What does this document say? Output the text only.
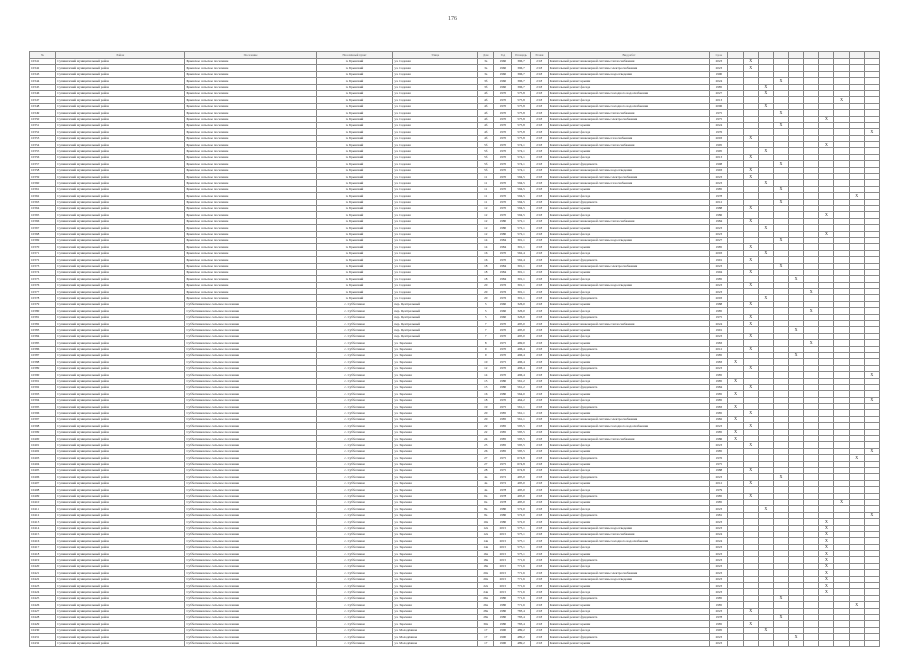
176
№	Район	Поселение	Населённый пункт	Улица	Дом	Год	Площадь	Этажи	Вид работ	Срок										
10341	Сухиничский муниципальный район	Брынское сельское поселение	п. Брынский	ул. Садовая	3а	1960	396,7	2/18	Капитальный ремонт инженерной системы теплоснабжения	2023		X								
10342	Сухиничский муниципальный район	Брынское сельское поселение	п. Брынский	ул. Садовая	3а	1960	396,7	2/18	Капитальный ремонт инженерной системы электроснабжения	2023		X								
10343	Сухиничский муниципальный район	Брынское сельское поселение	п. Брынский	ул. Садовая	3а	1960	396,7	2/18	Капитальный ремонт инженерной системы водоотведения	1990										
10344	Сухиничский муниципальный район	Брынское сельское поселение	п. Брынский	ул. Садовая	3б	1960	396,7	2/18	Капитальный ремонт крыши	2024				X						
10345	Сухиничский муниципальный район	Брынское сельское поселение	п. Брынский	ул. Садовая	3б	1960	396,7	2/18	Капитальный ремонт фасада	1985			X							
10346	Сухиничский муниципальный район	Брынское сельское поселение	п. Брынский	ул. Садовая	4б	1970	575,8	2/18	Капитальный ремонт инженерной системы холодного водоснабжения	2027			X							
10347	Сухиничский муниципальный район	Брынское сельское поселение	п. Брынский	ул. Садовая	4б	1970	575,8	2/18	Капитальный ремонт фасада	2013								X		
10348	Сухиничский муниципальный район	Брынское сельское поселение	п. Брынский	ул. Садовая	4б	1970	575,8	2/18	Капитальный ремонт инженерной системы холодного водоснабжения	2006			X							
10349	Сухиничский муниципальный район	Брынское сельское поселение	п. Брынский	ул. Садовая	4б	1970	575,8	2/18	Капитальный ремонт инженерной системы теплоснабжения	1975				X						
10350	Сухиничский муниципальный район	Брынское сельское поселение	п. Брынский	ул. Садовая	4б	1970	575,8	2/18	Капитальный ремонт инженерной системы электроснабжения	1975							X			
10351	Сухиничский муниципальный район	Брынское сельское поселение	п. Брынский	ул. Садовая	4б	1970	575,8	2/18	Капитальный ремонт крыши	2024				X						
10352	Сухиничский муниципальный район	Брынское сельское поселение	п. Брынский	ул. Садовая	4б	1970	575,8	2/18	Капитальный ремонт фасада	1976										X
10353	Сухиничский муниципальный район	Брынское сельское поселение	п. Брынский	ул. Садовая	4б	1970	575,8	2/18	Капитальный ремонт инженерной системы газоснабжения	2003		X								
10354	Сухиничский муниципальный район	Брынское сельское поселение	п. Брынский	ул. Садовая	5б	1970	574,1	2/18	Капитальный ремонт инженерной системы теплоснабжения	1995							X			
10355	Сухиничский муниципальный район	Брынское сельское поселение	п. Брынский	ул. Садовая	5б	1970	574,1	2/18	Капитальный ремонт крыши	1995			X							
10356	Сухиничский муниципальный район	Брынское сельское поселение	п. Брынский	ул. Садовая	5б	1970	574,1	2/18	Капитальный ремонт фасада	2013		X								
10357	Сухиничский муниципальный район	Брынское сельское поселение	п. Брынский	ул. Садовая	5б	1970	574,1	2/18	Капитальный ремонт фундамента	1998				X						
10358	Сухиничский муниципальный район	Брынское сельское поселение	п. Брынский	ул. Садовая	5б	1970	574,1	2/18	Капитальный ремонт инженерной системы водоотведения	1993		X								
10359	Сухиничский муниципальный район	Брынское сельское поселение	п. Брынский	ул. Садовая	11	1970	594,5	2/18	Капитальный ремонт инженерной системы электроснабжения	2023		X								
10360	Сухиничский муниципальный район	Брынское сельское поселение	п. Брынский	ул. Садовая	11	1970	594,5	2/18	Капитальный ремонт инженерной системы газоснабжения	2023			X							
10361	Сухиничский муниципальный район	Брынское сельское поселение	п. Брынский	ул. Садовая	11	1970	594,5	2/18	Капитальный ремонт крыши	1985				X						
10362	Сухиничский муниципальный район	Брынское сельское поселение	п. Брынский	ул. Садовая	11	1970	594,5	2/18	Капитальный ремонт фасада	1978									X	
10363	Сухиничский муниципальный район	Брынское сельское поселение	п. Брынский	ул. Садовая	11	1970	594,5	2/18	Капитальный ремонт фундамента	2012				X						
10364	Сухиничский муниципальный район	Брынское сельское поселение	п. Брынский	ул. Садовая	12	1970	594,5	2/18	Капитальный ремонт крыши	1988		X								
10365	Сухиничский муниципальный район	Брынское сельское поселение	п. Брынский	ул. Садовая	12	1970	594,5	2/18	Капитальный ремонт фасада	1986							X			
10366	Сухиничский муниципальный район	Брынское сельское поселение	п. Брынский	ул. Садовая	12	1980	572,1	2/18	Капитальный ремонт инженерной системы теплоснабжения	1984		X								
10367	Сухиничский муниципальный район	Брынское сельское поселение	п. Брынский	ул. Садовая	12	1980	572,1	2/18	Капитальный ремонт крыши	2023			X							
10368	Сухиничский муниципальный район	Брынское сельское поселение	п. Брынский	ул. Садовая	12	1980	572,1	2/18	Капитальный ремонт фасада	2023							X			
10369	Сухиничский муниципальный район	Брынское сельское поселение	п. Брынский	ул. Садовая	14	1984	301,1	2/18	Капитальный ремонт инженерной системы водоотведения	2027				X						
10370	Сухиничский муниципальный район	Брынское сельское поселение	п. Брынский	ул. Садовая	14	1984	301,1	2/18	Капитальный ремонт крыши	1985		X								
10371	Сухиничский муниципальный район	Брынское сельское поселение	п. Брынский	ул. Садовая	16	1970	562,4	2/18	Капитальный ремонт фасада	2003			X							
10372	Сухиничский муниципальный район	Брынское сельское поселение	п. Брынский	ул. Садовая	16	1970	562,4	2/18	Капитальный ремонт фундамента	1991		X								
10373	Сухиничский муниципальный район	Брынское сельское поселение	п. Брынский	ул. Садовая	18	1984	301,1	2/18	Капитальный ремонт инженерной системы электроснабжения	2023				X						
10374	Сухиничский муниципальный район	Брынское сельское поселение	п. Брынский	ул. Садовая	18	1984	301,1	2/18	Капитальный ремонт крыши	1994		X								
10375	Сухиничский муниципальный район	Брынское сельское поселение	п. Брынский	ул. Садовая	18	1984	301,1	2/18	Капитальный ремонт фасада	1985					X					
10376	Сухиничский муниципальный район	Брынское сельское поселение	п. Брынский	ул. Садовая	20	1976	301,1	2/18	Капитальный ремонт инженерной системы водоотведения	2023		X								
10377	Сухиничский муниципальный район	Брынское сельское поселение	п. Брынский	ул. Садовая	20	1976	301,1	2/18	Капитальный ремонт фасада	2023						X				
10378	Сухиничский муниципальный район	Брынское сельское поселение	п. Брынский	ул. Садовая	20	1976	301,1	2/18	Капитальный ремонт фундамента	2003			X							
10379	Сухиничский муниципальный район	Субботниковское сельское поселение	с. Субботники	пер. Центральный	5	1960	326,0	2/18	Капитальный ремонт крыши	1988		X								
10380	Сухиничский муниципальный район	Субботниковское сельское поселение	с. Субботники	пер. Центральный	5	1960	326,0	2/18	Капитальный ремонт фасада	1985						X				
10381	Сухиничский муниципальный район	Субботниковское сельское поселение	с. Субботники	пер. Центральный	5	1960	326,0	2/18	Капитальный ремонт фундамента	1975		X								
10382	Сухиничский муниципальный район	Субботниковское сельское поселение	с. Субботники	пер. Центральный	7	1970	495,0	2/18	Капитальный ремонт инженерной системы теплоснабжения	2024		X								
10383	Сухиничский муниципальный район	Субботниковское сельское поселение	с. Субботники	пер. Центральный	7	1970	495,0	2/18	Капитальный ремонт крыши	1991					X					
10384	Сухиничский муниципальный район	Субботниковское сельское поселение	с. Субботники	пер. Центральный	7	1970	495,0	2/18	Капитальный ремонт фасада	2023		X								
10385	Сухиничский муниципальный район	Субботниковское сельское поселение	с. Субботники	ул. Заречная	8	1975	469,0	2/18	Капитальный ремонт крыши	1983						X				
10386	Сухиничский муниципальный район	Субботниковское сельское поселение	с. Субботники	ул. Заречная	9	1970	496,4	2/18	Капитальный ремонт фундамента	2012		X								
10387	Сухиничский муниципальный район	Субботниковское сельское поселение	с. Субботники	ул. Заречная	9	1970	496,4	2/18	Капитальный ремонт фасада	1985					X					
10388	Сухиничский муниципальный район	Субботниковское сельское поселение	с. Субботники	ул. Заречная	10	1975	496,4	2/18	Капитальный ремонт крыши	1983	X									
10389	Сухиничский муниципальный район	Субботниковское сельское поселение	с. Субботники	ул. Заречная	12	1970	496,4	2/18	Капитальный ремонт фундамента	2023		X								
10390	Сухиничский муниципальный район	Субботниковское сельское поселение	с. Субботники	ул. Заречная	14	1970	496,4	2/18	Капитальный ремонт крыши	1985										X
10391	Сухиничский муниципальный район	Субботниковское сельское поселение	с. Субботники	ул. Заречная	15	1980	561,2	2/18	Капитальный ремонт фасада	1985	X									
10392	Сухиничский муниципальный район	Субботниковское сельское поселение	с. Субботники	ул. Заречная	15	1980	561,2	2/18	Капитальный ремонт фундамента	1984		X								
10393	Сухиничский муниципальный район	Субботниковское сельское поселение	с. Субботники	ул. Заречная	16	1980	564,0	2/18	Капитальный ремонт крыши	1985	X									
10394	Сухиничский муниципальный район	Субботниковское сельское поселение	с. Субботники	ул. Заречная	18	1970	464,2	2/18	Капитальный ремонт фасада	1985										X
10395	Сухиничский муниципальный район	Субботниковское сельское поселение	с. Субботники	ул. Заречная	19	1975	561,1	2/18	Капитальный ремонт фундамента	1983	X									
10396	Сухиничский муниципальный район	Субботниковское сельское поселение	с. Субботники	ул. Заречная	20	1985	561,1	2/18	Капитальный ремонт крыши	1985		X								
10397	Сухиничский муниципальный район	Субботниковское сельское поселение	с. Субботники	ул. Заречная	20	1985	561,1	2/18	Капитальный ремонт инженерной системы электроснабжения	1982	X									
10398	Сухиничский муниципальный район	Субботниковское сельское поселение	с. Субботники	ул. Заречная	22	1985	595,5	2/18	Капитальный ремонт инженерной системы холодного водоснабжения	2023		X								
10399	Сухиничский муниципальный район	Субботниковское сельское поселение	с. Субботники	ул. Заречная	22	1985	595,5	2/18	Капитальный ремонт крыши	1985	X									
10400	Сухиничский муниципальный район	Субботниковское сельское поселение	с. Субботники	ул. Заречная	24	1985	595,5	2/18	Капитальный ремонт инженерной системы теплоснабжения	1986	X									
10401	Сухиничский муниципальный район	Субботниковское сельское поселение	с. Субботники	ул. Заречная	25	1985	595,5	2/18	Капитальный ремонт фасада	2023		X								
10402	Сухиничский муниципальный район	Субботниковское сельское поселение	с. Субботники	ул. Заречная	26	1985	595,5	2/18	Капитальный ремонт крыши	1985										X
10403	Сухиничский муниципальный район	Субботниковское сельское поселение	с. Субботники	ул. Заречная	27	1975	674,8	2/18	Капитальный ремонт фундамента	1976									X	
10404	Сухиничский муниципальный район	Субботниковское сельское поселение	с. Субботники	ул. Заречная	27	1975	674,8	2/18	Капитальный ремонт крыши	1975										
10405	Сухиничский муниципальный район	Субботниковское сельское поселение	с. Субботники	ул. Заречная	28	1975	674,8	2/18	Капитальный ремонт фасада	1988		X								
10406	Сухиничский муниципальный район	Субботниковское сельское поселение	с. Субботники	ул. Заречная	4а	1972	495,0	2/18	Капитальный ремонт фундамента	2023				X						
10407	Сухиничский муниципальный район	Субботниковское сельское поселение	с. Субботники	ул. Заречная	4а	1972	495,0	2/18	Капитальный ремонт крыши	2012		X								
10408	Сухиничский муниципальный район	Субботниковское сельское поселение	с. Субботники	ул. Заречная	4а	1978	495,0	2/18	Капитальный ремонт фасада	1979										
10409	Сухиничский муниципальный район	Субботниковское сельское поселение	с. Субботники	ул. Заречная	6а	1978	495,0	2/18	Капитальный ремонт фундамента	1985		X								
10410	Сухиничский муниципальный район	Субботниковское сельское поселение	с. Субботники	ул. Заречная	6а	1978	495,0	2/18	Капитальный ремонт крыши	1985								X		
10411	Сухиничский муниципальный район	Субботниковское сельское поселение	с. Субботники	ул. Заречная	8а	1980	572,0	2/18	Капитальный ремонт фасада	2023			X							
10412	Сухиничский муниципальный район	Субботниковское сельское поселение	с. Субботники	ул. Заречная	8а	1980	572,0	2/18	Капитальный ремонт фундамента	1981										X
10413	Сухиничский муниципальный район	Субботниковское сельское поселение	с. Субботники	ул. Заречная	10а	1980	572,0	2/18	Капитальный ремонт крыши	2023							X			
10414	Сухиничский муниципальный район	Субботниковское сельское поселение	с. Субботники	ул. Заречная	12а	2015	575,1	2/18	Капитальный ремонт инженерной системы водоотведения	2023							X			
10415	Сухиничский муниципальный район	Субботниковское сельское поселение	с. Субботники	ул. Заречная	12а	2015	575,1	2/18	Капитальный ремонт инженерной системы теплоснабжения	2024							X			
10416	Сухиничский муниципальный район	Субботниковское сельское поселение	с. Субботники	ул. Заречная	14а	2015	575,1	2/18	Капитальный ремонт инженерной системы холодного водоснабжения	2024							X			
10417	Сухиничский муниципальный район	Субботниковское сельское поселение	с. Субботники	ул. Заречная	14а	2015	575,1	2/18	Капитальный ремонт фасада	2023							X			
10418	Сухиничский муниципальный район	Субботниковское сельское поселение	с. Субботники	ул. Заречная	16а	2015	575,1	2/18	Капитальный ремонт крыши	2023							X			
10419	Сухиничский муниципальный район	Субботниковское сельское поселение	с. Субботники	ул. Заречная	18а	2015	771,6	2/18	Капитальный ремонт фундамента	2023							X			
10420	Сухиничский муниципальный район	Субботниковское сельское поселение	с. Субботники	ул. Заречная	18а	2015	771,6	2/18	Капитальный ремонт фасада	2023							X			
10421	Сухиничский муниципальный район	Субботниковское сельское поселение	с. Субботники	ул. Заречная	20а	2015	771,6	2/18	Капитальный ремонт инженерной системы электроснабжения	2023							X			
10422	Сухиничский муниципальный район	Субботниковское сельское поселение	с. Субботники	ул. Заречная	20а	2015	771,6	2/18	Капитальный ремонт инженерной системы водоотведения	2023							X			
10423	Сухиничский муниципальный район	Субботниковское сельское поселение	с. Субботники	ул. Заречная	22а	2015	771,6	2/18	Капитальный ремонт крыши	2023							X			
10424	Сухиничский муниципальный район	Субботниковское сельское поселение	с. Субботники	ул. Заречная	24а	2015	771,6	2/18	Капитальный ремонт фасада	2023							X			
10425	Сухиничский муниципальный район	Субботниковское сельское поселение	с. Субботники	ул. Заречная	26а	1980	771,6	2/18	Капитальный ремонт фундамента	1985				X						
10426	Сухиничский муниципальный район	Субботниковское сельское поселение	с. Субботники	ул. Заречная	26а	1980	771,6	2/18	Капитальный ремонт крыши	1985									X	
10427	Сухиничский муниципальный район	Субботниковское сельское поселение	с. Субботники	ул. Заречная	28а	1980	783,4	2/18	Капитальный ремонт фасада	2023		X								
10428	Сухиничский муниципальный район	Субботниковское сельское поселение	с. Субботники	ул. Заречная	28а	1980	783,4	2/18	Капитальный ремонт фундамента	1978				X						
10429	Сухиничский муниципальный район	Субботниковское сельское поселение	с. Субботники	ул. Заречная	30а	1980	783,4	2/18	Капитальный ремонт крыши	1985		X								
10430	Сухиничский муниципальный район	Субботниковское сельское поселение	с. Субботники	ул. Молодёжная	17	1990	489,2	2/18	Капитальный ремонт фасада	1995			X							
10431	Сухиничский муниципальный район	Субботниковское сельское поселение	с. Субботники	ул. Молодёжная	17	1990	489,2	2/18	Капитальный ремонт фундамента	2023					X					
10432	Сухиничский муниципальный район	Субботниковское сельское поселение	с. Субботники	ул. Молодёжная	17	1990	489,2	2/18	Капитальный ремонт крыши	2023										
